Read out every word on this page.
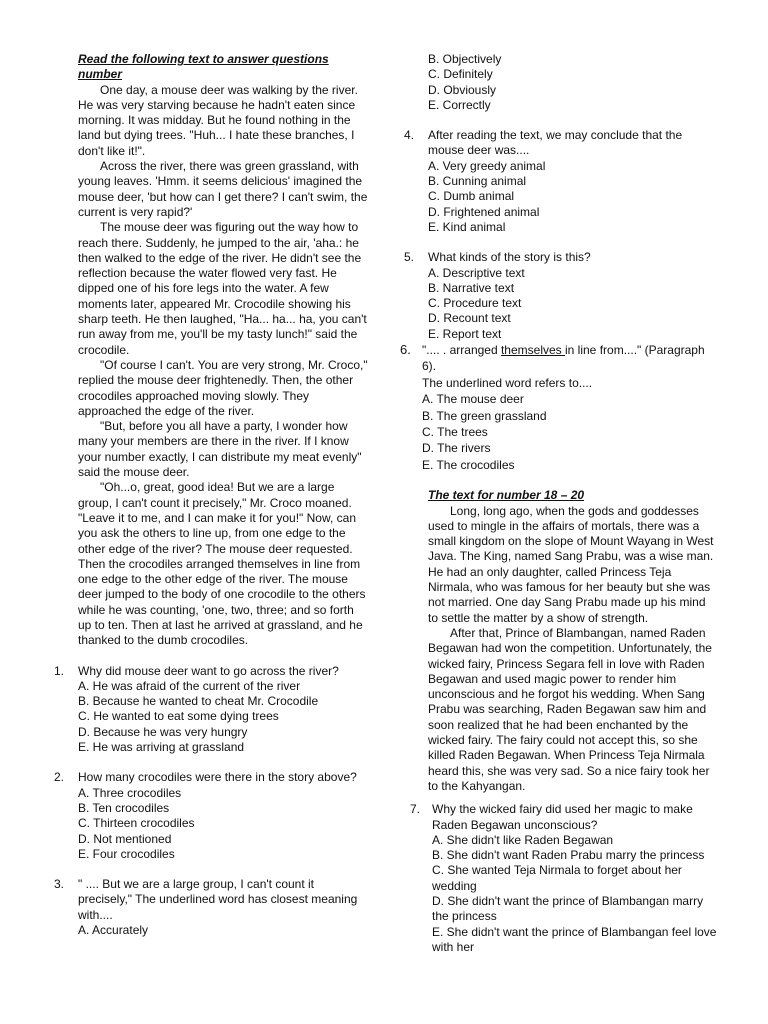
Read the following text to answer questions number

One day, a mouse deer was walking by the river. He was very starving because he hadn't eaten since morning. It was midday. But he found nothing in the land but dying trees. "Huh... I hate these branches, I don't like it!".

Across the river, there was green grassland, with young leaves. 'Hmm. it seems delicious' imagined the mouse deer, 'but how can I get there? I can't swim, the current is very rapid?'

The mouse deer was figuring out the way how to reach there. Suddenly, he jumped to the air, 'aha.: he then walked to the edge of the river. He didn't see the reflection because the water flowed very fast. He dipped one of his fore legs into the water. A few moments later, appeared Mr. Crocodile showing his sharp teeth. He then laughed, "Ha... ha... ha, you can't run away from me, you'll be my tasty lunch!" said the crocodile.

"Of course I can't. You are very strong, Mr. Croco," replied the mouse deer frightenedly. Then, the other crocodiles approached moving slowly. They approached the edge of the river.

"But, before you all have a party, I wonder how many your members are there in the river. If I know your number exactly, I can distribute my meat evenly" said the mouse deer.

"Oh...o, great, good idea! But we are a large group, I can't count it precisely," Mr. Croco moaned. "Leave it to me, and I can make it for you!" Now, can you ask the others to line up, from one edge to the other edge of the river? The mouse deer requested. Then the crocodiles arranged themselves in line from one edge to the other edge of the river. The mouse deer jumped to the body of one crocodile to the others while he was counting, 'one, two, three; and so forth up to ten. Then at last he arrived at grassland, and he thanked to the dumb crocodiles.

1.	Why did mouse deer want to go across the river?

A. He was afraid of the current of the river
B. Because he wanted to cheat Mr. Crocodile
C. He wanted to eat some dying trees
D. Because he was very hungry
E. He was arriving at grassland
2.	How many crocodiles were there in the story above?

A. Three crocodiles
B. Ten crocodiles
C. Thirteen crocodiles
D. Not mentioned
E. Four crocodiles
3.	" .... But we are a large group, I can't count it precisely," The underlined word has closest meaning with....

A. Accurately
B. Objectively
C. Definitely
D. Obviously
E. Correctly
4.	After reading the text, we may conclude that the mouse deer was....

A. Very greedy animal
B. Cunning animal
C. Dumb animal
D. Frightened animal
E. Kind animal
5.	What kinds of the story is this?

A. Descriptive text
B. Narrative text
C. Procedure text
D. Recount text
E. Report text
6. ".... . arranged themselves in line from...." (Paragraph 6).

The underlined word refers to....

A. The mouse deer
B. The green grassland
C. The trees
D. The rivers
E. The crocodiles

The text for number 18 – 20

Long, long ago, when the gods and goddesses used to mingle in the affairs of mortals, there was a small kingdom on the slope of Mount Wayang in West Java. The King, named Sang Prabu, was a wise man. He had an only daughter, called Princess Teja Nirmala, who was famous for her beauty but she was not married. One day Sang Prabu made up his mind to settle the matter by a show of strength.

After that, Prince of Blambangan, named Raden Begawan had won the competition. Unfortunately, the wicked fairy, Princess Segara fell in love with Raden Begawan and used magic power to render him unconscious and he forgot his wedding. When Sang Prabu was searching, Raden Begawan saw him and soon realized that he had been enchanted by the wicked fairy. The fairy could not accept this, so she killed Raden Begawan. When Princess Teja Nirmala heard this, she was very sad. So a nice fairy took her to the Kahyangan.

7. Why the wicked fairy did used her magic to make Raden Begawan unconscious?

A. She didn't like Raden Begawan
B. She didn't want Raden Prabu marry the princess
C. She wanted Teja Nirmala to forget about her wedding
D. She didn't want the prince of Blambangan marry the princess
E. She didn't want the prince of Blambangan feel love with her
